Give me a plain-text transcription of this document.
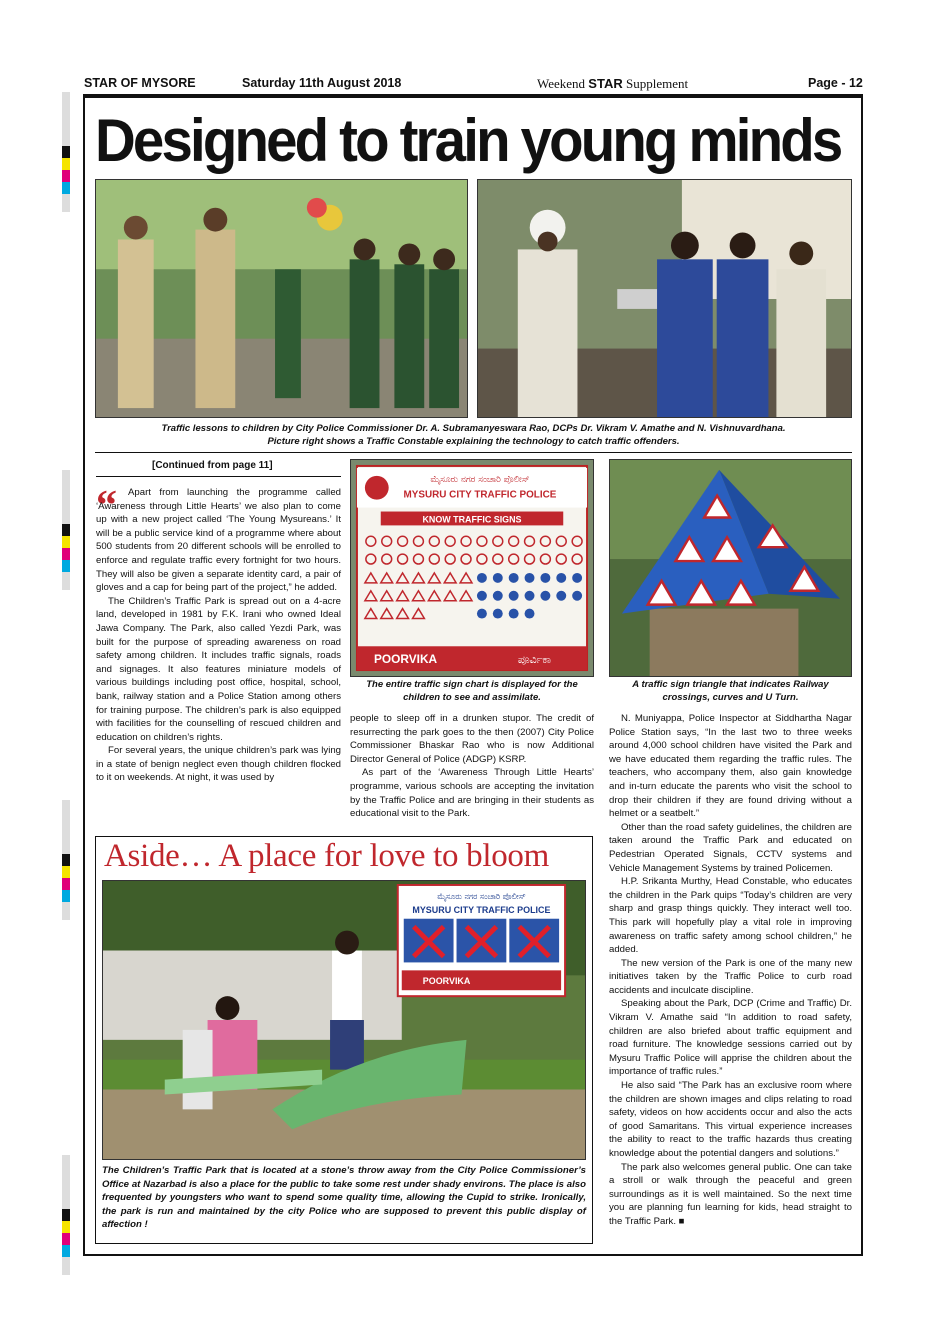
STAR OF MYSORE	Saturday 11th August 2018	Weekend STAR Supplement	Page - 12
Designed to train young minds
Traffic lessons to children by City Police Commissioner Dr. A. Subramanyeswara Rao, DCPs Dr. Vikram V. Amathe and N. Vishnuvardhana.
Picture right shows a Traffic Constable explaining the technology to catch traffic offenders.
[Continued from page 11]
“	Apart from launching the programme called ‘Awareness through Little Hearts’ we also plan to come up with a new project called ‘The Young Mysureans.’ It will be a public service kind of a programme where about 500 students from 20 different schools will be enrolled to enforce and regulate traffic every fortnight for two hours. They will also be given a separate identity card, a pair of gloves and a cap for being part of the project,” he added.

The Children’s Traffic Park is spread out on a 4-acre land, developed in 1981 by F.K. Irani who owned Ideal Jawa Company. The Park, also called Yezdi Park, was built for the purpose of spreading awareness on road safety among children. It includes traffic signals, roads and signages. It also features miniature models of various buildings including post office, hospital, school, bank, railway station and a Police Station among others for training purpose. The children’s park is also equipped with facilities for the counselling of rescued children and education on children’s rights.

For several years, the unique children’s park was lying in a state of benign neglect even though children flocked to it on weekends. At night, it was used by

ಮೈಸೂರು ನಗರ ಸಂಚಾರಿ ಪೊಲೀಸ್
MYSURU CITY TRAFFIC POLICE
KNOW TRAFFIC SIGNS
POORVIKA	ಪೂರ್ವಿಕಾ
The entire traffic sign chart is displayed for the children to see and assimilate.
A traffic sign triangle that indicates Railway crossings, curves and U Turn.

people to sleep off in a drunken stupor. The credit of resurrecting the park goes to the then (2007) City Police Commissioner Bhaskar Rao who is now Additional Director General of Police (ADGP) KSRP.

As part of the ‘Awareness Through Little Hearts’ programme, various schools are accepting the invitation by the Traffic Police and are bringing in their students as educational visit to the Park.

N. Muniyappa, Police Inspector at Siddhartha Nagar Police Station says, “In the last two to three weeks around 4,000 school children have visited the Park and we have educated them regarding the traffic rules. The teachers, who accompany them, also gain knowledge and in-turn educate the parents who visit the school to drop their children if they are found driving without a helmet or a seatbelt.”

Other than the road safety guidelines, the children are taken around the Traffic Park and educated on Pedestrian Operated Signals, CCTV systems and Vehicle Management Systems by trained Policemen.

H.P. Srikanta Murthy, Head Constable, who educates the children in the Park quips “Today’s children are very sharp and grasp things quickly. They interact well too. This park will hopefully play a vital role in improving awareness on traffic safety among school children,” he added.

The new version of the Park is one of the many new initiatives taken by the Traffic Police to curb road accidents and inculcate discipline.

Speaking about the Park, DCP (Crime and Traffic) Dr. Vikram V. Amathe said “In addition to road safety, children are also briefed about traffic equipment and road furniture. The knowledge sessions carried out by Mysuru Traffic Police will apprise the children about the importance of traffic rules.”

He also said “The Park has an exclusive room where the children are shown images and clips relating to road safety, videos on how accidents occur and also the acts of good Samaritans. This virtual experience increases the ability to react to the traffic hazards thus creating knowledge about the potential dangers and solutions.”

The park also welcomes general public. One can take a stroll or walk through the peaceful and green surroundings as it is well maintained. So the next time you are planning fun learning for kids, head straight to the Traffic Park. ■

Aside… A place for love to bloom
ಮೈಸೂರು ನಗರ ಸಂಚಾರಿ ಪೊಲೀಸ್
MYSURU CITY TRAFFIC POLICE
POORVIKA
The Children’s Traffic Park that is located at a stone’s throw away from the City Police Commissioner’s Office at Nazarbad is also a place for the public to take some rest under shady environs. The place is also frequented by youngsters who want to spend some quality time, allowing the Cupid to strike. Ironically, the park is run and maintained by the city Police who are supposed to prevent this public display of affection !
